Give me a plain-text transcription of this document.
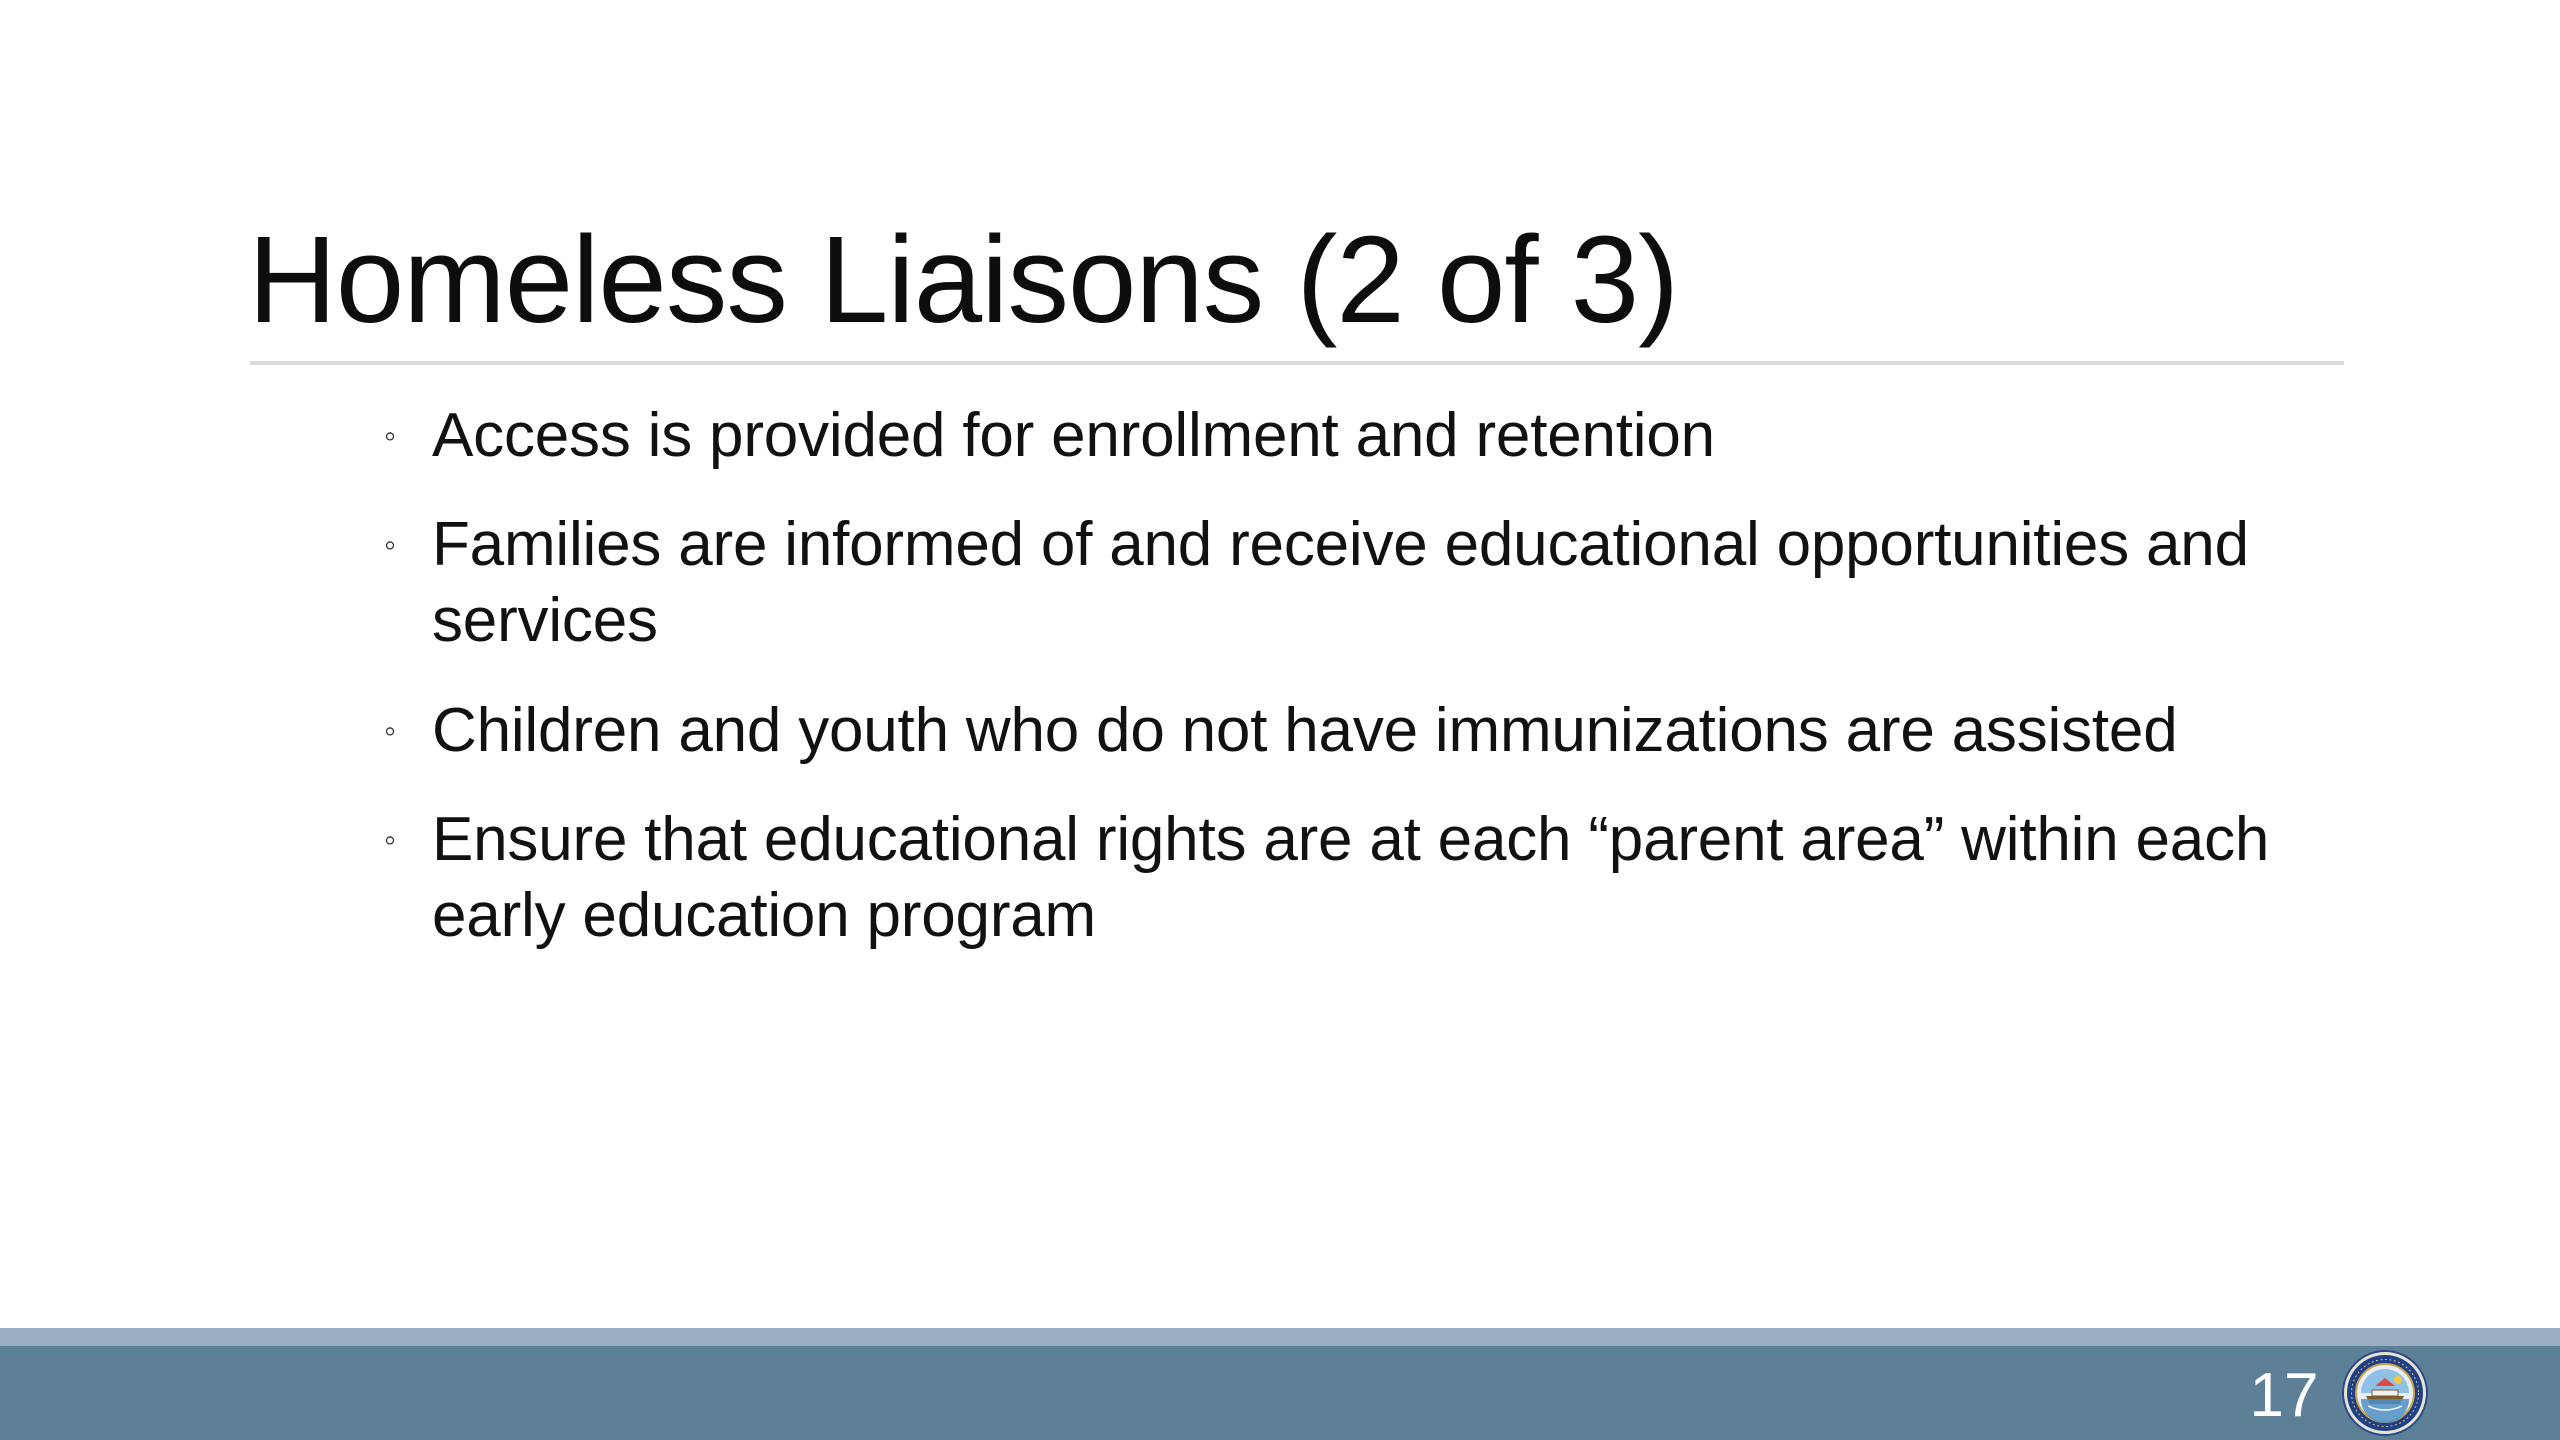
Homeless Liaisons (2 of 3)
◦ Access is provided for enrollment and retention
◦ Families are informed of and receive educational opportunities and services
◦ Children and youth who do not have immunizations are assisted
◦ Ensure that educational rights are at each “parent area” within each early education program
17
